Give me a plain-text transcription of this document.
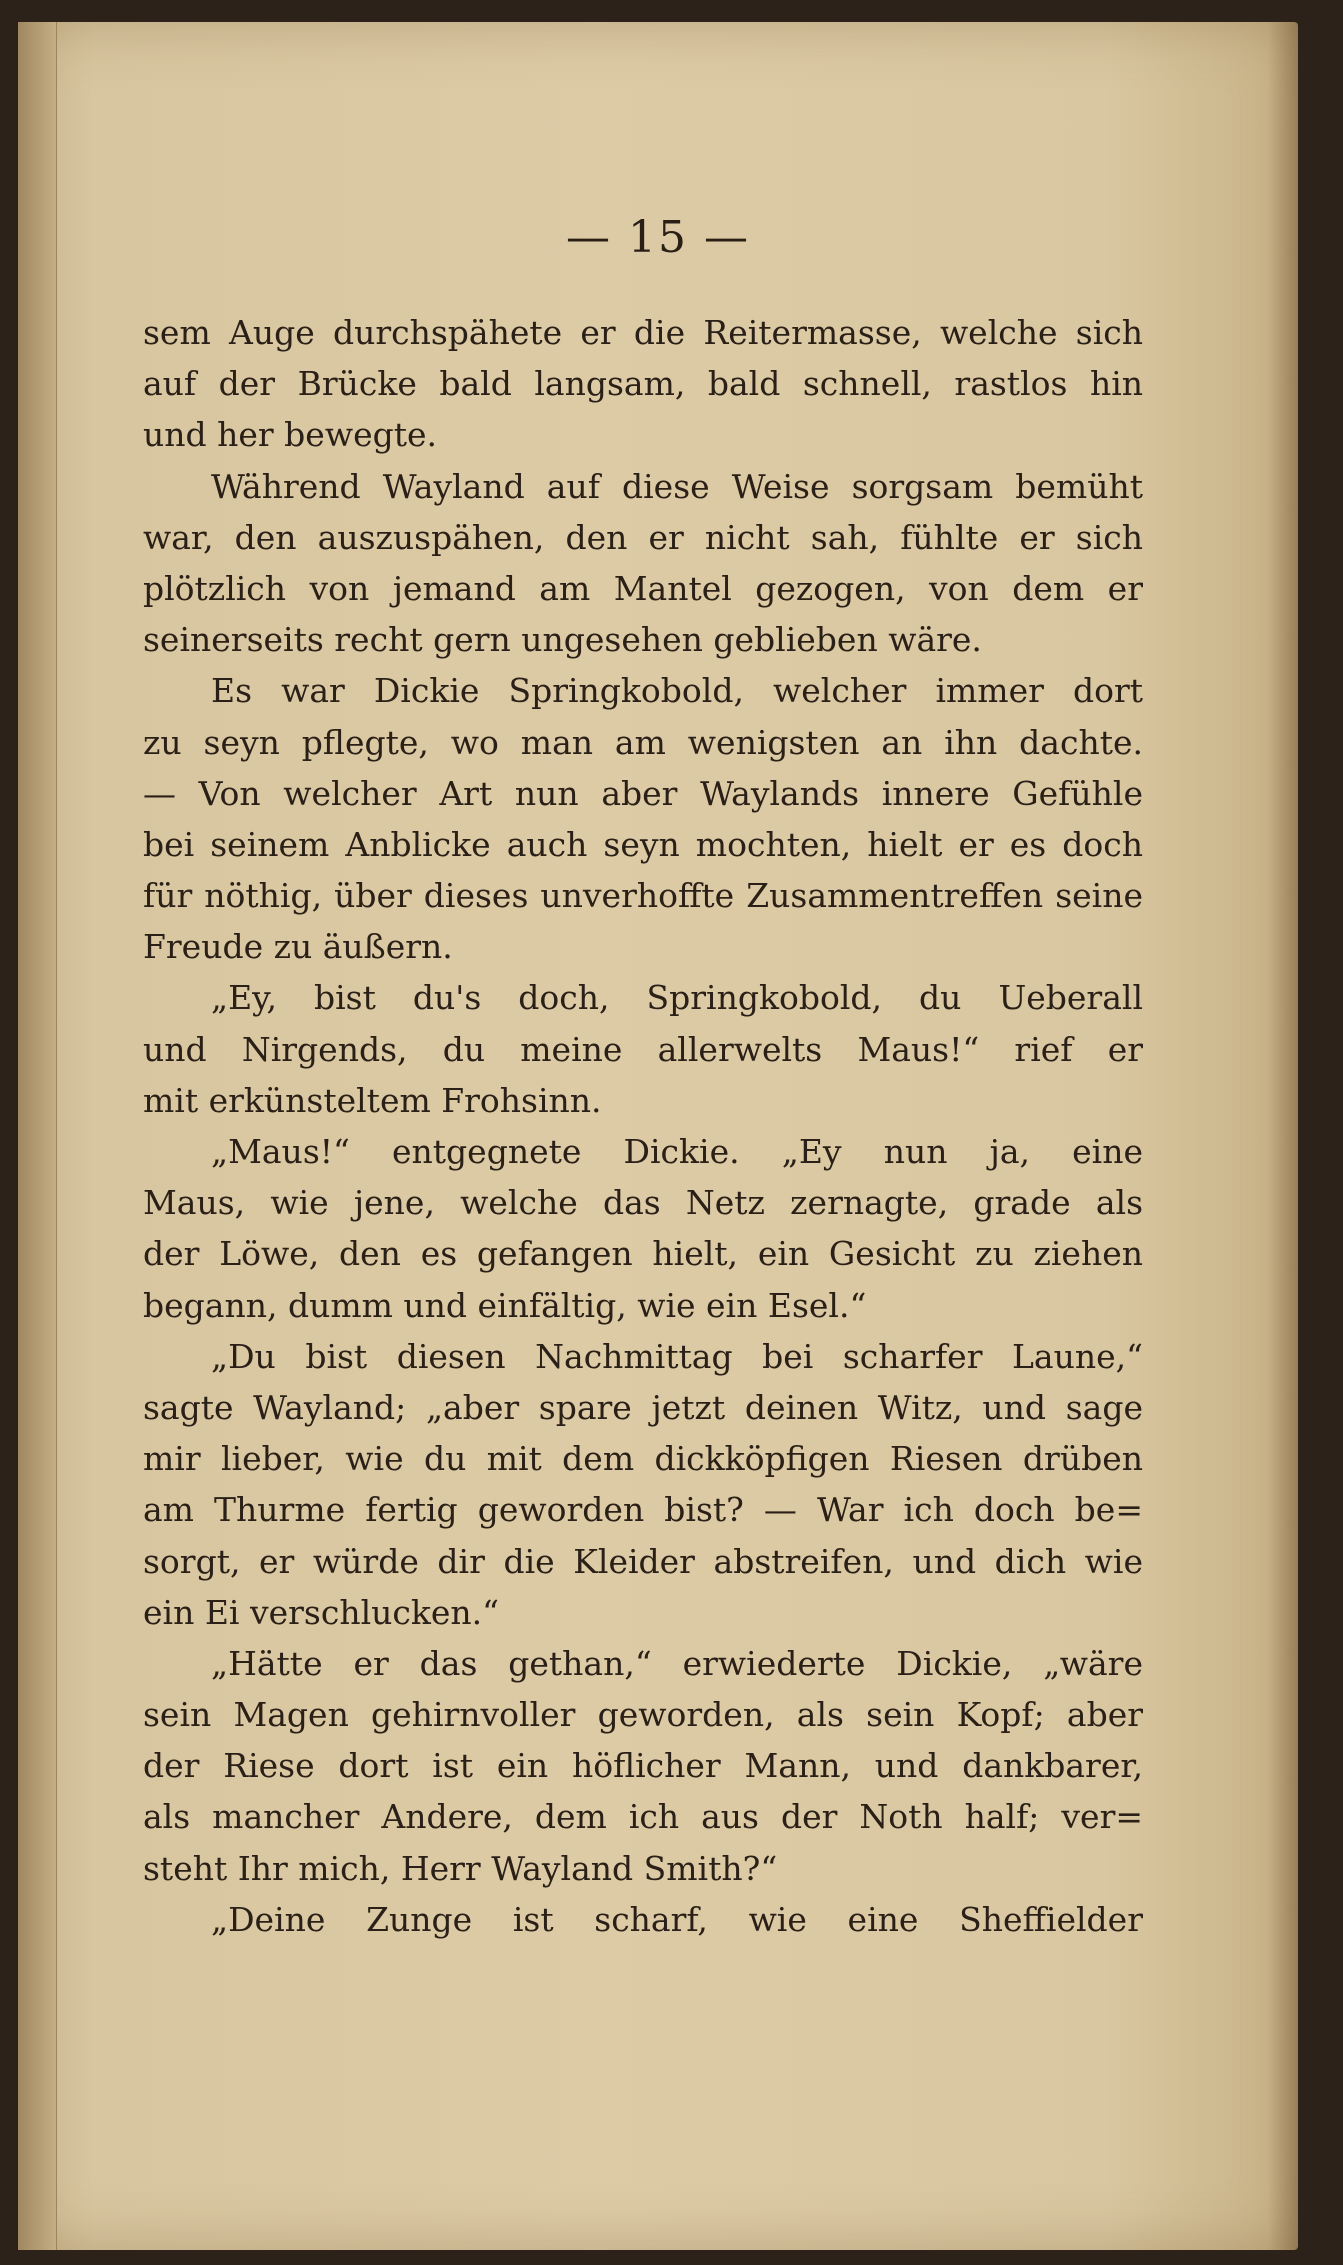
— 15 —
sem Auge durchspähete er die Reitermasse, welche sich
auf der Brücke bald langsam, bald schnell, rastlos hin
und her bewegte.
Während Wayland auf diese Weise sorgsam bemüht
war, den auszuspähen, den er nicht sah, fühlte er sich
plötzlich von jemand am Mantel gezogen, von dem er
seinerseits recht gern ungesehen geblieben wäre.
Es war Dickie Springkobold, welcher immer dort
zu seyn pflegte, wo man am wenigsten an ihn dachte.
— Von welcher Art nun aber Waylands innere Gefühle
bei seinem Anblicke auch seyn mochten, hielt er es doch
für nöthig, über dieses unverhoffte Zusammentreffen seine
Freude zu äußern.
„Ey, bist du's doch, Springkobold, du Ueberall
und Nirgends, du meine allerwelts Maus!“ rief er
mit erkünsteltem Frohsinn.
„Maus!“ entgegnete Dickie. „Ey nun ja, eine
Maus, wie jene, welche das Netz zernagte, grade als
der Löwe, den es gefangen hielt, ein Gesicht zu ziehen
begann, dumm und einfältig, wie ein Esel.“
„Du bist diesen Nachmittag bei scharfer Laune,“
sagte Wayland; „aber spare jetzt deinen Witz, und sage
mir lieber, wie du mit dem dickköpfigen Riesen drüben
am Thurme fertig geworden bist? — War ich doch be=
sorgt, er würde dir die Kleider abstreifen, und dich wie
ein Ei verschlucken.“
„Hätte er das gethan,“ erwiederte Dickie, „wäre
sein Magen gehirnvoller geworden, als sein Kopf; aber
der Riese dort ist ein höflicher Mann, und dankbarer,
als mancher Andere, dem ich aus der Noth half; ver=
steht Ihr mich, Herr Wayland Smith?“
„Deine Zunge ist scharf, wie eine Sheffielder
